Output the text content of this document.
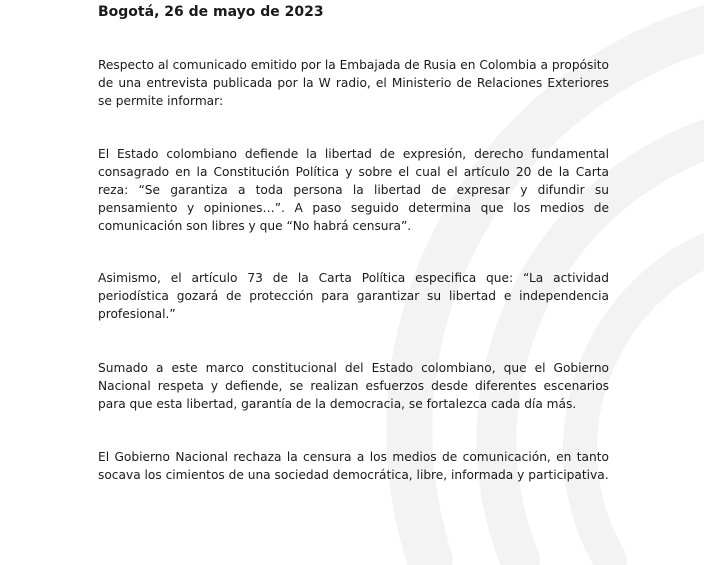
Bogotá, 26 de mayo de 2023

Respecto al comunicado emitido por la Embajada de Rusia en Colombia a propósito de una entrevista publicada por la W radio, el Ministerio de Relaciones Exteriores se permite informar:

El Estado colombiano defiende la libertad de expresión, derecho fundamental consagrado en la Constitución Política y sobre el cual el artículo 20 de la Carta reza: “Se garantiza a toda persona la libertad de expresar y difundir su pensamiento y opiniones…”. A paso seguido determina que los medios de comunicación son libres y que “No habrá censura”.

Asimismo, el artículo 73 de la Carta Política especifica que: “La actividad periodística gozará de protección para garantizar su libertad e independencia profesional.”

Sumado a este marco constitucional del Estado colombiano, que el Gobierno Nacional respeta y defiende, se realizan esfuerzos desde diferentes escenarios para que esta libertad, garantía de la democracia, se fortalezca cada día más.

El Gobierno Nacional rechaza la censura a los medios de comunicación, en tanto socava los cimientos de una sociedad democrática, libre, informada y participativa.
